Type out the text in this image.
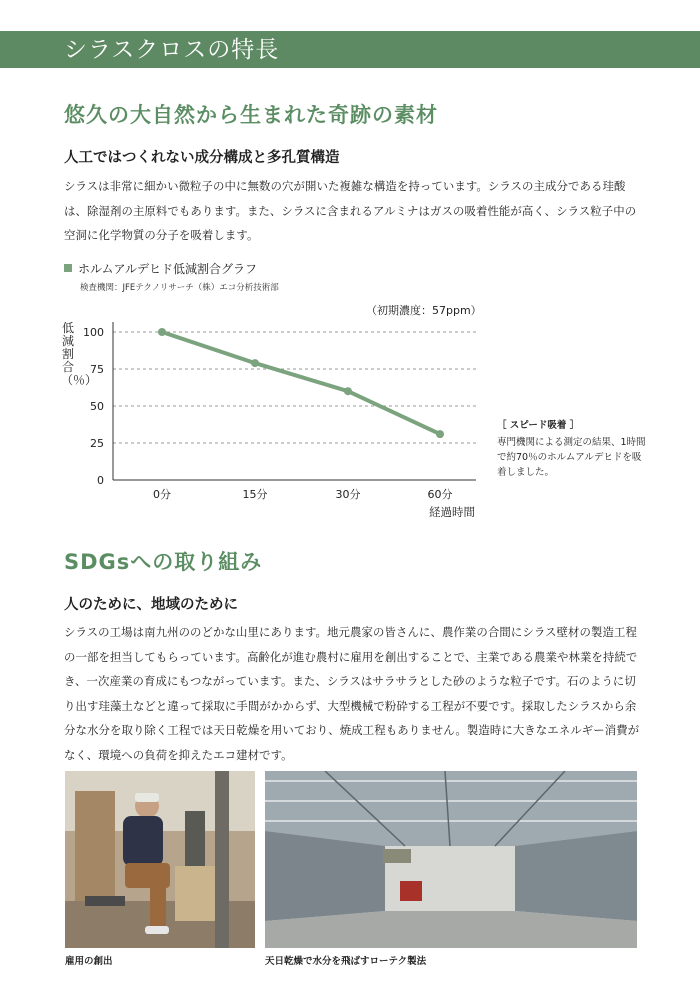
シラスクロスの特長
悠久の大自然から生まれた奇跡の素材
人工ではつくれない成分構成と多孔質構造
シラスは非常に細かい微粒子の中に無数の穴が開いた複雑な構造を持っています。シラスの主成分である珪酸は、除湿剤の主原料でもあります。また、シラスに含まれるアルミナはガスの吸着性能が高く、シラス粒子中の空洞に化学物質の分子を吸着します。
ホルムアルデヒド低減割合グラフ
検査機関：JFEテクノリサーチ（株）エコ分析技術部
（初期濃度：57ppm）
低減割合（％）
0
25
50
75
100
0分	15分	30分	60分
経過時間
［ スピード吸着 ］
専門機関による測定の結果、1時間で約70％のホルムアルデヒドを吸着しました。
SDGsへの取り組み
人のために、地域のために
シラスの工場は南九州ののどかな山里にあります。地元農家の皆さんに、農作業の合間にシラス壁材の製造工程の一部を担当してもらっています。高齢化が進む農村に雇用を創出することで、主業である農業や林業を持続でき、一次産業の育成にもつながっています。また、シラスはサラサラとした砂のような粒子です。石のように切り出す珪藻土などと違って採取に手間がかからず、大型機械で粉砕する工程が不要です。採取したシラスから余分な水分を取り除く工程では天日乾燥を用いており、焼成工程もありません。製造時に大きなエネルギー消費がなく、環境への負荷を抑えたエコ建材です。
雇用の創出	天日乾燥で水分を飛ばすローテク製法
